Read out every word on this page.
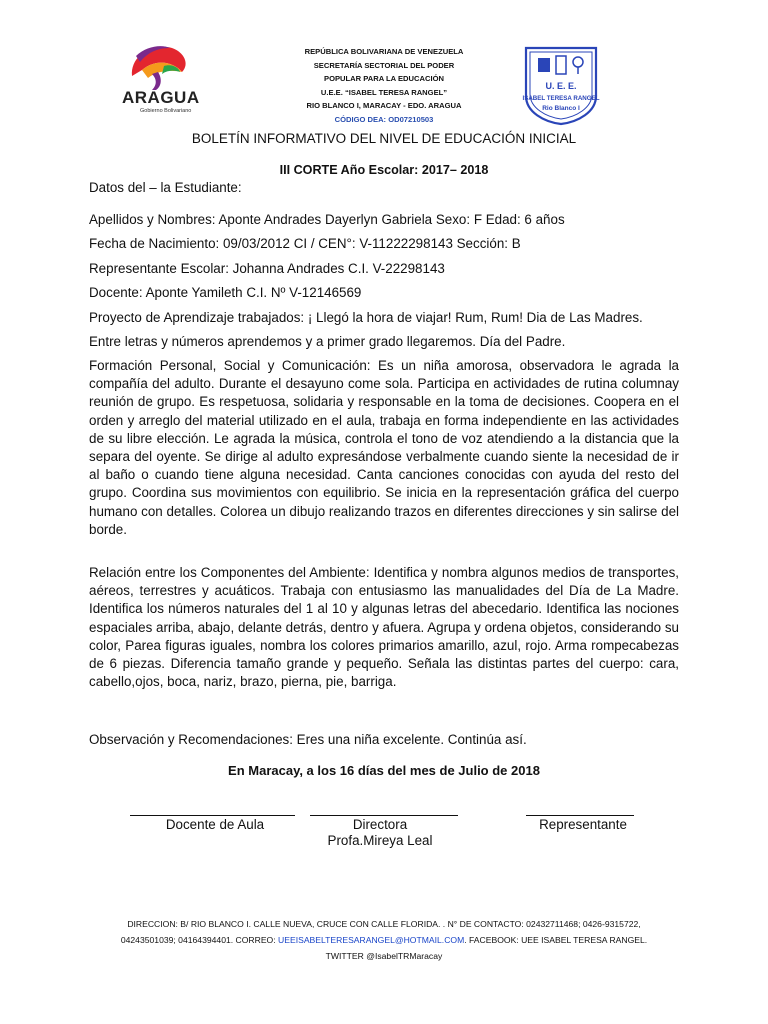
ARAGUA
Gobierno Bolivariano
REPÚBLICA BOLIVARIANA DE VENEZUELA
SECRETARÍA SECTORIAL DEL PODER
POPULAR PARA LA EDUCACIÓN
U.E.E. “ISABEL TERESA RANGEL”
RIO BLANCO I, MARACAY - EDO. ARAGUA
CÓDIGO DEA: OD07210503
U. E. E.
ISABEL TERESA RANGEL
Rio Blanco I
BOLETÍN INFORMATIVO DEL NIVEL DE EDUCACIÓN INICIAL
III CORTE Año Escolar: 2017– 2018
Datos del – la Estudiante:
Apellidos y Nombres: Aponte Andrades Dayerlyn Gabriela Sexo: F Edad: 6 años
Fecha de Nacimiento: 09/03/2012 CI / CEN°: V-11222298143 Sección: B
Representante Escolar: Johanna Andrades C.I. V-22298143
Docente: Aponte Yamileth C.I. Nº V-12146569
Proyecto de Aprendizaje trabajados: ¡ Llegó la hora de viajar! Rum, Rum! Dia de Las Madres.
Entre letras y números aprendemos y a primer grado llegaremos. Día del Padre.
Formación Personal, Social y Comunicación: Es un niña amorosa, observadora le agrada la compañía del adulto. Durante el desayuno come sola. Participa en actividades de rutina columnay reunión de grupo. Es respetuosa, solidaria y responsable en la toma de decisiones. Coopera en el orden y arreglo del material utilizado en el aula, trabaja en forma independiente en las actividades de su libre elección. Le agrada la música, controla el tono de voz atendiendo a la distancia que la separa del oyente. Se dirige al adulto expresándose verbalmente cuando siente la necesidad de ir al baño o cuando tiene alguna necesidad. Canta canciones conocidas con ayuda del resto del grupo. Coordina sus movimientos con equilibrio. Se inicia en la representación gráfica del cuerpo humano con detalles. Colorea un dibujo realizando trazos en diferentes direcciones y sin salirse del borde.
Relación entre los Componentes del Ambiente: Identifica y nombra algunos medios de transportes, aéreos, terrestres y acuáticos. Trabaja con entusiasmo las manualidades del Día de La Madre. Identifica los números naturales del 1 al 10 y algunas letras del abecedario. Identifica las nociones espaciales arriba, abajo, delante detrás, dentro y afuera. Agrupa y ordena objetos, considerando su color, Parea figuras iguales, nombra los colores primarios amarillo, azul, rojo. Arma rompecabezas de 6 piezas. Diferencia tamaño grande y pequeño. Señala las distintas partes del cuerpo: cara, cabello,ojos, boca, nariz, brazo, pierna, pie, barriga.
Observación y Recomendaciones: Eres una niña excelente. Continúa así.
En Maracay, a los 16 días del mes de Julio de 2018
Docente de Aula	Directora
Profa.Mireya Leal
Representante
DIRECCION: B/ RIO BLANCO I. CALLE NUEVA, CRUCE CON CALLE FLORIDA. . N° DE CONTACTO: 02432711468; 0426-9315722,
04243501039; 04164394401. CORREO: UEEISABELTERESARANGEL@HOTMAIL.COM. FACEBOOK: UEE ISABEL TERESA RANGEL.
TWITTER @IsabelTRMaracay
